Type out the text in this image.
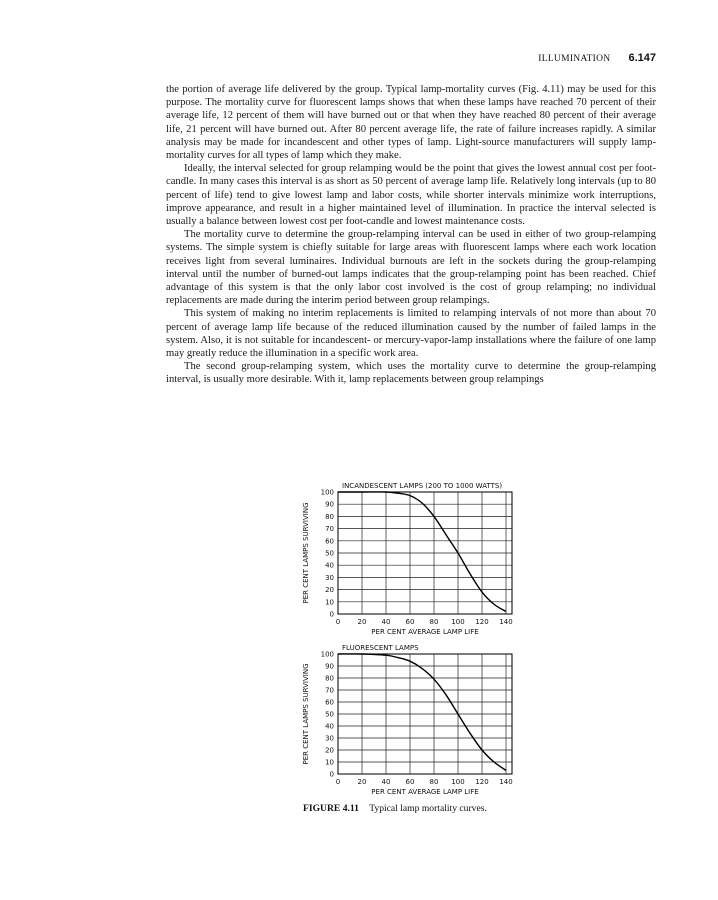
ILLUMINATION 6.147

the portion of average life delivered by the group. Typical lamp-mortality curves (Fig. 4.11) may be used for this purpose. The mortality curve for fluorescent lamps shows that when these lamps have reached 70 percent of their average life, 12 percent of them will have burned out or that when they have reached 80 percent of their average life, 21 percent will have burned out. After 80 percent average life, the rate of failure increases rapidly. A similar analysis may be made for incandescent and other types of lamp. Light-source manufacturers will supply lamp-mortality curves for all types of lamp which they make.

Ideally, the interval selected for group relamping would be the point that gives the lowest annual cost per foot-candle. In many cases this interval is as short as 50 percent of average lamp life. Relatively long intervals (up to 80 percent of life) tend to give lowest lamp and labor costs, while shorter intervals minimize work interruptions, improve appearance, and result in a higher maintained level of illumination. In practice the interval selected is usually a balance between lowest cost per foot-candle and lowest maintenance costs.

The mortality curve to determine the group-relamping interval can be used in either of two group-relamping systems. The simple system is chiefly suitable for large areas with fluorescent lamps where each work location receives light from several luminaires. Individual burnouts are left in the sockets during the group-relamping interval until the number of burned-out lamps indicates that the group-relamping point has been reached. Chief advantage of this system is that the only labor cost involved is the cost of group relamping; no individual replacements are made during the interim period between group relampings.

This system of making no interim replacements is limited to relamping intervals of not more than about 70 percent of average lamp life because of the reduced illumination caused by the number of failed lamps in the system. Also, it is not suitable for incandescent- or mercury-vapor-lamp installations where the failure of one lamp may greatly reduce the illumination in a specific work area.

The second group-relamping system, which uses the mortality curve to determine the group-relamping interval, is usually more desirable. With it, lamp replacements between group relampings

INCANDESCENT LAMPS (200 TO 1000 WATTS)
0
10
20
30
40
50
60
70
80
90
100
0 20 40 60 80 100 120 140
PER CENT AVERAGE LAMP LIFE
PER CENT LAMPS SURVIVING
FLUORESCENT LAMPS
0
10
20
30
40
50
60
70
80
90
100
0 20 40 60 80 100 120 140
PER CENT AVERAGE LAMP LIFE
PER CENT LAMPS SURVIVING
FIGURE 4.11 Typical lamp mortality curves.
